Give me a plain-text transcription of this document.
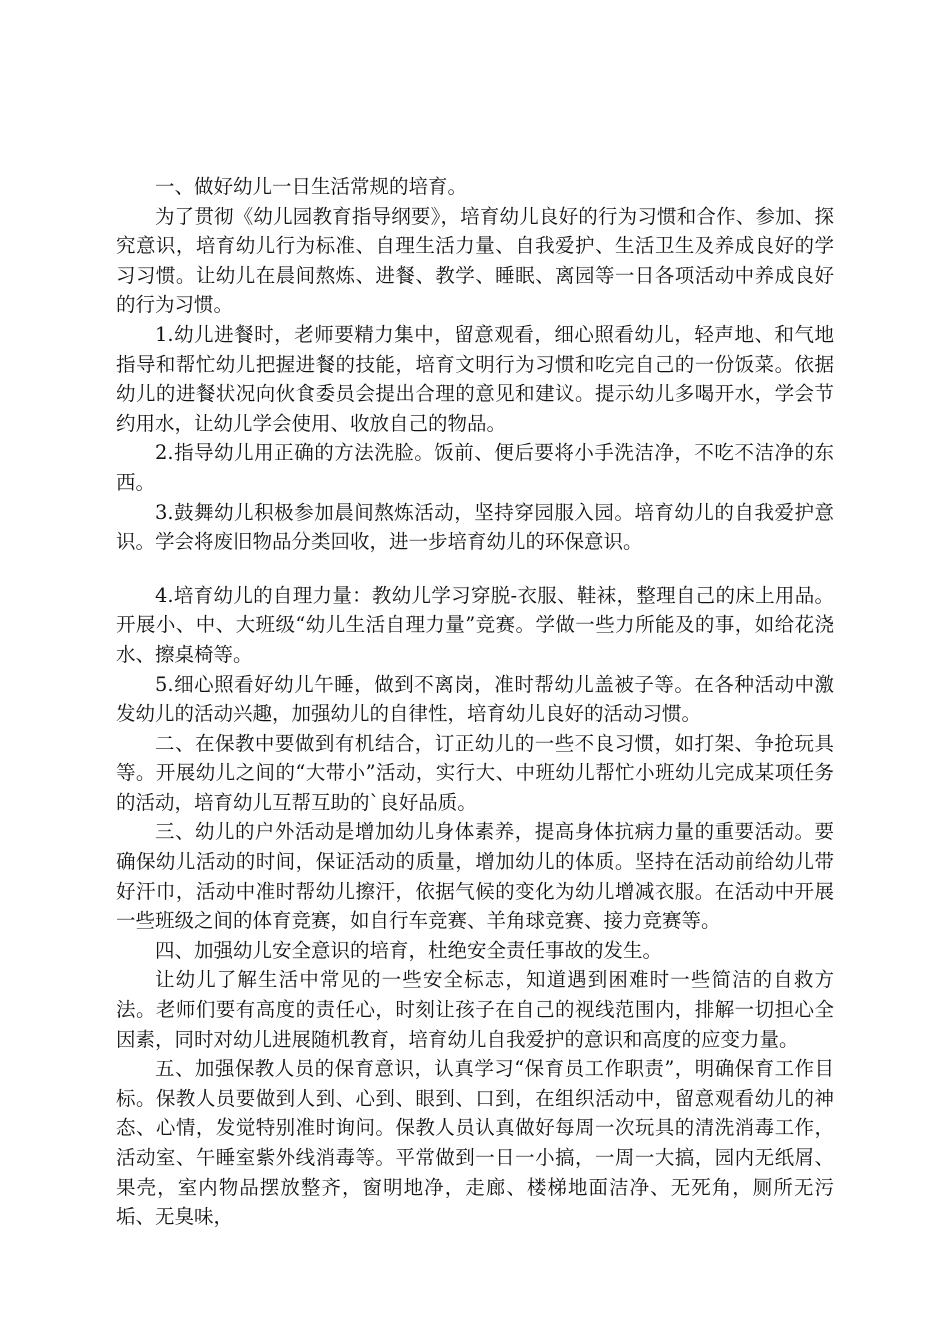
一、做好幼儿一日生活常规的培育。

为了贯彻《幼儿园教育指导纲要》，培育幼儿良好的行为习惯和合作、参加、探究意识，培育幼儿行为标准、自理生活力量、自我爱护、生活卫生及养成良好的学习习惯。让幼儿在晨间熬炼、进餐、教学、睡眠、离园等一日各项活动中养成良好的行为习惯。

1.幼儿进餐时，老师要精力集中，留意观看，细心照看幼儿，轻声地、和气地指导和帮忙幼儿把握进餐的技能，培育文明行为习惯和吃完自己的一份饭菜。依据幼儿的进餐状况向伙食委员会提出合理的意见和建议。提示幼儿多喝开水，学会节约用水，让幼儿学会使用、收放自己的物品。

2.指导幼儿用正确的方法洗脸。饭前、便后要将小手洗洁净，不吃不洁净的东西。

3.鼓舞幼儿积极参加晨间熬炼活动，坚持穿园服入园。培育幼儿的自我爱护意识。学会将废旧物品分类回收，进一步培育幼儿的环保意识。

4.培育幼儿的自理力量：教幼儿学习穿脱-衣服、鞋袜，整理自己的床上用品。开展小、中、大班级“幼儿生活自理力量”竞赛。学做一些力所能及的事，如给花浇水、擦桌椅等。

5.细心照看好幼儿午睡，做到不离岗，准时帮幼儿盖被子等。在各种活动中激发幼儿的活动兴趣，加强幼儿的自律性，培育幼儿良好的活动习惯。

二、在保教中要做到有机结合，订正幼儿的一些不良习惯，如打架、争抢玩具等。开展幼儿之间的“大带小”活动，实行大、中班幼儿帮忙小班幼儿完成某项任务的活动，培育幼儿互帮互助的`良好品质。

三、幼儿的户外活动是增加幼儿身体素养，提高身体抗病力量的重要活动。要确保幼儿活动的时间，保证活动的质量，增加幼儿的体质。坚持在活动前给幼儿带好汗巾，活动中准时帮幼儿擦汗，依据气候的变化为幼儿增减衣服。在活动中开展一些班级之间的体育竞赛，如自行车竞赛、羊角球竞赛、接力竞赛等。

四、加强幼儿安全意识的培育，杜绝安全责任事故的发生。

让幼儿了解生活中常见的一些安全标志，知道遇到困难时一些简洁的自救方法。老师们要有高度的责任心，时刻让孩子在自己的视线范围内，排解一切担心全因素，同时对幼儿进展随机教育，培育幼儿自我爱护的意识和高度的应变力量。

五、加强保教人员的保育意识，认真学习“保育员工作职责”，明确保育工作目标。保教人员要做到人到、心到、眼到、口到，在组织活动中，留意观看幼儿的神态、心情，发觉特别准时询问。保教人员认真做好每周一次玩具的清洗消毒工作，活动室、午睡室紫外线消毒等。平常做到一日一小搞，一周一大搞，园内无纸屑、果壳，室内物品摆放整齐，窗明地净，走廊、楼梯地面洁净、无死角，厕所无污垢、无臭味，
